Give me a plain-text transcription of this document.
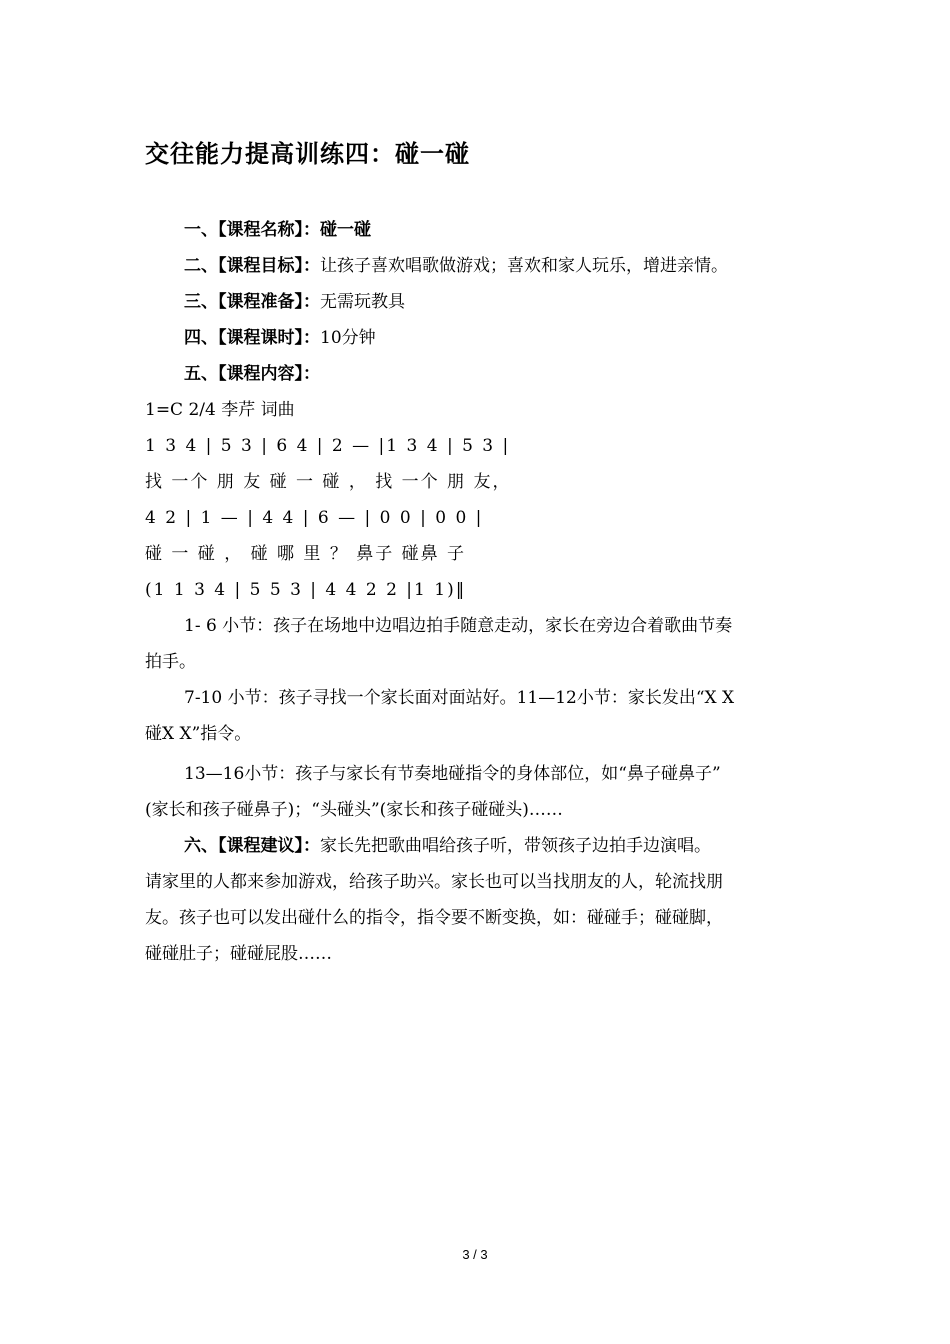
交往能力提高训练四：碰一碰
一、【课程名称】：碰一碰
二、【课程目标】：让孩子喜欢唱歌做游戏；喜欢和家人玩乐，增进亲情。
三、【课程准备】：无需玩教具
四、【课程课时】：10分钟
五、【课程内容】：
1=C 2/4 李芹 词曲
1 3 4 | 5 3 | 6 4 | 2 — |1 3 4 | 5 3 |
找 一个 朋 友 碰 一 碰 ， 找 一个 朋 友，
4 2 | 1 — | 4 4 | 6 — | 0 0 | 0 0 |
碰 一 碰 ， 碰 哪 里 ？ 鼻子 碰鼻 子
(1 1 3 4 | 5 5 3 | 4 4 2 2 |1 1)‖
1- 6 小节：孩子在场地中边唱边拍手随意走动，家长在旁边合着歌曲节奏
拍手。
7-10 小节：孩子寻找一个家长面对面站好。11—12小节：家长发出“X X
碰X X”指令。
13—16小节：孩子与家长有节奏地碰指令的身体部位，如“鼻子碰鼻子”
(家长和孩子碰鼻子)；“头碰头”(家长和孩子碰碰头)……
六、【课程建议】：家长先把歌曲唱给孩子听，带领孩子边拍手边演唱。
请家里的人都来参加游戏，给孩子助兴。家长也可以当找朋友的人，轮流找朋
友。孩子也可以发出碰什么的指令，指令要不断变换，如：碰碰手；碰碰脚，
碰碰肚子；碰碰屁股……
3 / 3
